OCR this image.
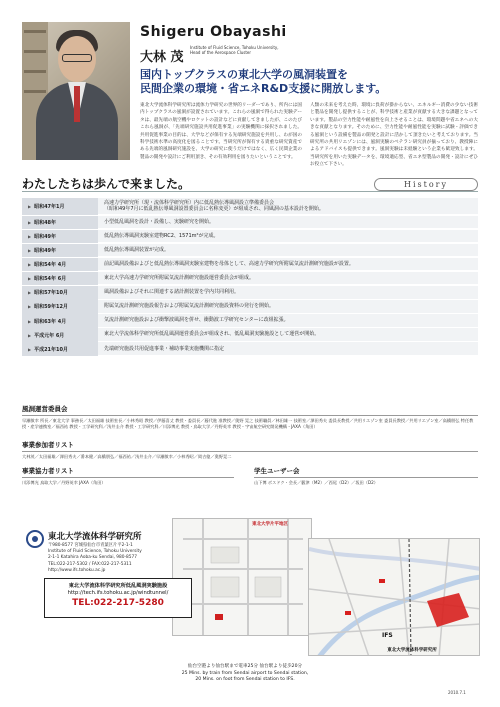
Shigeru Obayashi
大林 茂
Institute of Fluid Science, Tohoku University,
Head of the Aerospace Cluster
国内トップクラスの東北大学の風洞装置を
民間企業の環境・省エネR&D支援に開放します。
東北大学流体科学研究所は流体力学研究の世界的リーダーであり、所内には国内トップクラスの風洞が設置されています。これらの風洞で得られた実験データは、最先端の航空機やロケットの設計などに貢献してきましたが、このたびこれら風洞が、「先端研究施設共用促進事業」の実験機関に採択されました。共用促進事業の目的は、大学などが保有する先端研究施設を共用し、わが国の科学技術水準の高度化を図ることです。当研究所が保有する貴重な研究資産である先端的風洞研究施設を、大学の研究に使うだけではなく、広く民間企業の製品の開発や設計にご利用頂き、その有効利用を図りたいということです。
人類の未来を考えた時、環境に負荷が掛からない、エネルギー消費の少ない技術と製品を開発し提供することが、科学技術と産業が貢献する大きな課題となっています。製品の空力性能や耐風性を向上させることは、環境問題や省エネへの大きな貢献となります。そのために、空力性能や耐風性能を実験に試験・評価できる風洞という設備を製品の開発と設計に活かして頂きたいと考えております。当研究所の共用リエゾンには、風洞実験のベテラン研究員が揃っており、教授陣によるアドバイスも提供できます。風洞実験は未経験という企業も歓迎致します。当研究所を用いた実験データを、環境適応型、省エネ型製品の開発・設計にぜひお役立て下さい。
わたしたちは歩んで来ました。	History
▶ 昭和47年1月
高速力学研究所（現・流体科学研究所）内に低乱熱伝導風洞設立準備委員会
（昭和49年7月に低乱熱伝導風洞設置委員会に名称変更）が組成され、同風洞の基本設計を開始。
▶ 昭和48年	小型低乱風洞を設計・設備し、実験研究を開始。
▶ 昭和49年	低乱熱伝導風洞実験室建物RC2、1571m²が完成。
▶ 昭和49年	低乱熱伝導風洞装置が完成。
▶ 昭和54年 4月	前記風洞設備およびと低乱熱伝導風洞実験室建物を母体として、高速力学研究所附属気流計測研究施設が設置。
▶ 昭和54年 6月	東北大学高速力学研究所附属気流計測研究施設運営委員会が組成。
▶ 昭和57年10月	風洞設備およびそれに関連する諸計測装置を学内共同利用。
▶ 昭和59年12月	附属気流計測研究施設報告および附属気流計測研究施設資料の発行を開始。
▶ 昭和63年 4月	気流計測研究施設および衝撃波風洞を併せ、衝動波工学研究センターに改組拡張。
▶ 平成元年 6月	東北大学流体科学研究所低乱風洞運営委員会が組成され、低乱風洞実験施設として運営が開始。
▶ 平成21年10月	先端研究施設共用促進事業・補助事業実施機関に指定
風洞運営委員会
早瀬敏幸 所長／東北大学 事務長／太田福雄 技術室長／小林秀昭 教授／伊藤喜丈 教授・委員長／藤代進 准教授／奥野 晃之 技術職員／林田雄一 技術室／澤田秀夫 委員長教授／共用リエゾン室 委員長教授／共用リエゾン室／高橋朋弘 特任教授・産学連携室／福西祐 教授・工学研究科／浅井圭介 教授・工学研究科／川添博光 教授・鳥取大学／丹野英幸 教授・宇宙航空研究開発機構・JAXA（角田）
事業参加者リスト
大林茂／太田福雄／澤田秀夫／番本健／高橋朋弘／福西祐／浅井圭介／早瀬敏幸／小林秀昭／岡吉億／奥野晃二
事業協力者リスト
川添博光 鳥取大学／丹野英幸 JAXA（角田）
学生ユーザー会
山下博 ボスドク・会長／藪津（M2）／西尾（D2）／坂田（D2）
東北大学流体科学研究所
〒980-8577 宮城県仙台市青葉区片平2-1-1
Institute of Fluid Science, Tohoku University
2-1-1 Katahira Aoba-ku Sendai, 980-8577
TEL:022-217-5302 / FAX:022-217-5311
http://www.ifs.tohoku.ac.jp
東北大学片平地区
東北大学流体科学研究所低乱風洞実験施設
http://tech.ifs.tohoku.ac.jp/windtunnel/
TEL:022-217-5280
IFS
東北大学流体科学研究所
仙台空港より仙台駅まで電車25分 仙台駅より徒歩20分
25 Mins. by train from Sendai airport to Sendai station,
20 Mins. on foot from Sendai station to IFS.
2010.7.1
